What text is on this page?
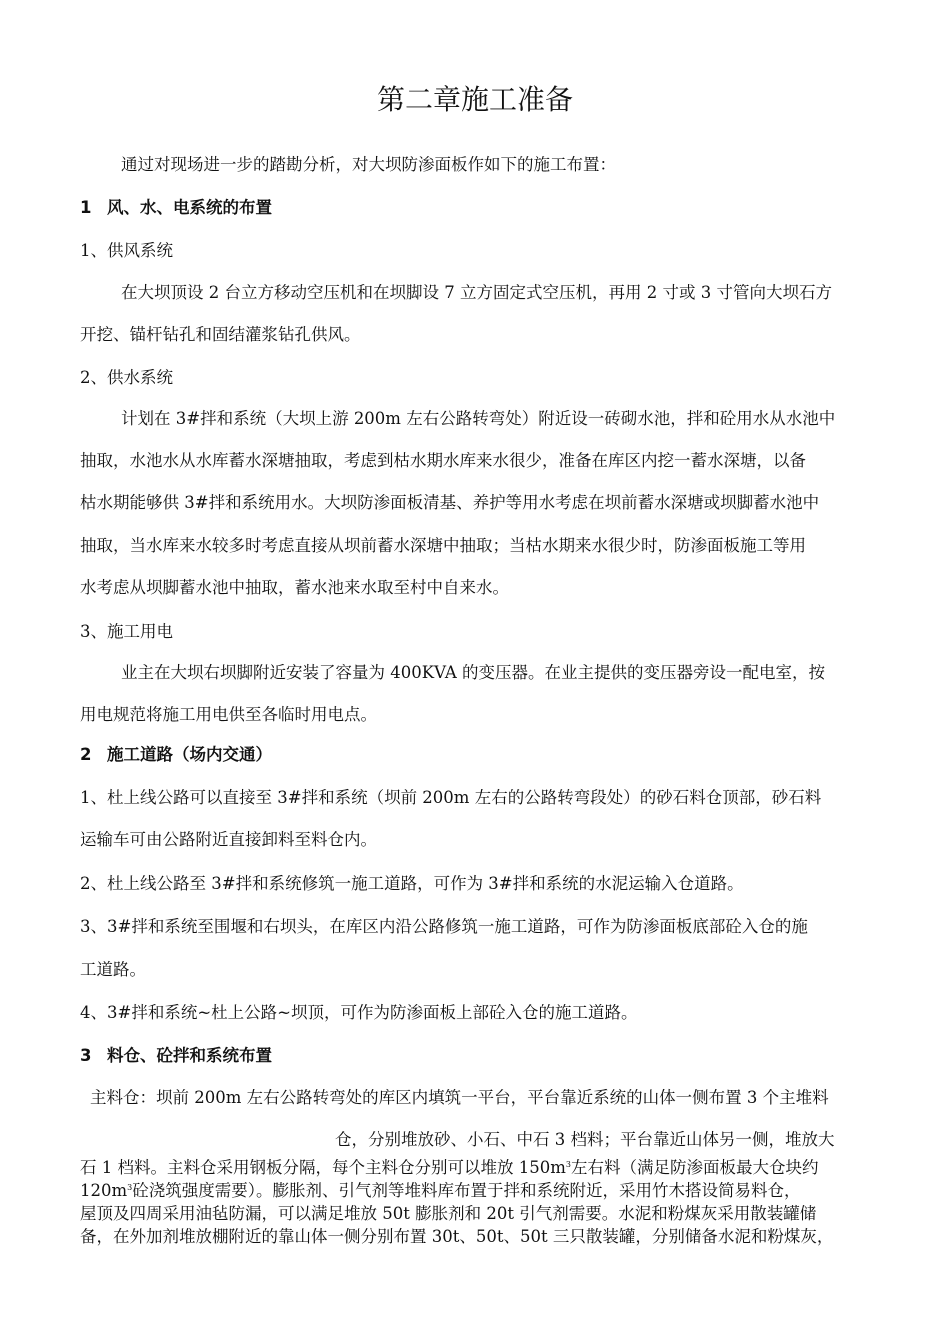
第二章施工准备
通过对现场进一步的踏勘分析，对大坝防渗面板作如下的施工布置：
1 风、水、电系统的布置
1、供风系统
在大坝顶设 2 台立方移动空压机和在坝脚设 7 立方固定式空压机，再用 2 寸或 3 寸管向大坝石方
开挖、锚杆钻孔和固结灌浆钻孔供风。
2、供水系统
计划在 3#拌和系统（大坝上游 200m 左右公路转弯处）附近设一砖砌水池，拌和砼用水从水池中
抽取，水池水从水库蓄水深塘抽取，考虑到枯水期水库来水很少，准备在库区内挖一蓄水深塘，以备
枯水期能够供 3#拌和系统用水。大坝防渗面板清基、养护等用水考虑在坝前蓄水深塘或坝脚蓄水池中
抽取，当水库来水较多时考虑直接从坝前蓄水深塘中抽取；当枯水期来水很少时，防渗面板施工等用
水考虑从坝脚蓄水池中抽取，蓄水池来水取至村中自来水。
3、施工用电
业主在大坝右坝脚附近安装了容量为 400KVA 的变压器。在业主提供的变压器旁设一配电室，按
用电规范将施工用电供至各临时用电点。
2 施工道路（场内交通）
1、杜上线公路可以直接至 3#拌和系统（坝前 200m 左右的公路转弯段处）的砂石料仓顶部，砂石料
运输车可由公路附近直接卸料至料仓内。
2、杜上线公路至 3#拌和系统修筑一施工道路，可作为 3#拌和系统的水泥运输入仓道路。
3、3#拌和系统至围堰和右坝头，在库区内沿公路修筑一施工道路，可作为防渗面板底部砼入仓的施
工道路。
4、3#拌和系统~杜上公路~坝顶，可作为防渗面板上部砼入仓的施工道路。
3 料仓、砼拌和系统布置
主料仓：坝前 200m 左右公路转弯处的库区内填筑一平台，平台靠近系统的山体一侧布置 3 个主堆料
仓，分别堆放砂、小石、中石 3 档料；平台靠近山体另一侧，堆放大
石 1 档料。主料仓采用钢板分隔，每个主料仓分别可以堆放 $150m_3$左右料（满足防渗面板最大仓块约
$120m_3$砼浇筑强度需要）。膨胀剂、引气剂等堆料库布置于拌和系统附近，采用竹木搭设简易料仓，
屋顶及四周采用油毡防漏，可以满足堆放 50t 膨胀剂和 20t 引气剂需要。水泥和粉煤灰采用散装罐储
备，在外加剂堆放棚附近的靠山体一侧分别布置 30t、50t、50t 三只散装罐，分别储备水泥和粉煤灰，
